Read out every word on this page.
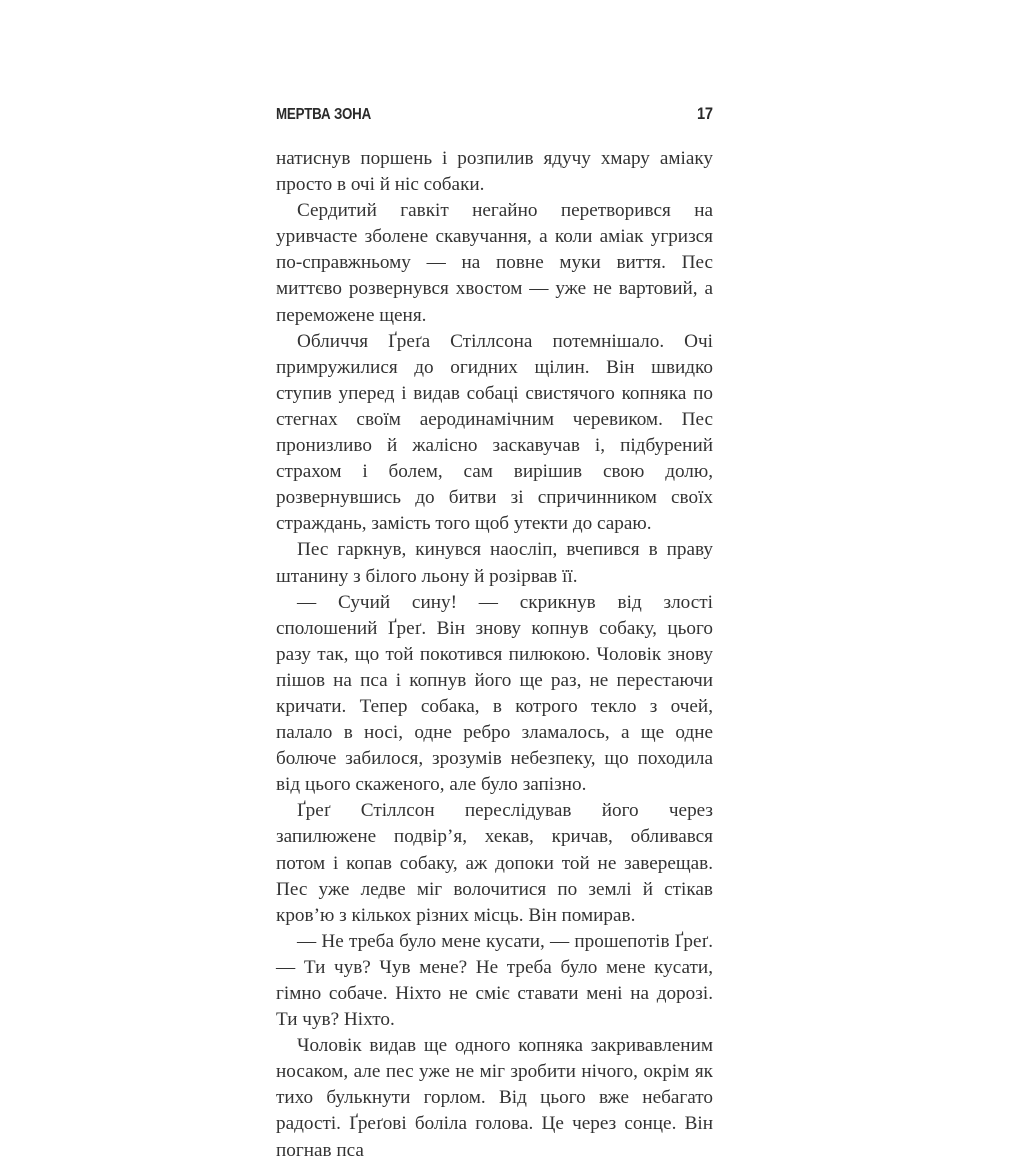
МЕРТВА ЗОНА	17

натиснув поршень і розпилив ядучу хмару аміаку просто в очі й ніс собаки.

Сердитий гавкіт негайно перетворився на уривчасте зболене скавучання, а коли аміак угризся по-справжньому — на повне муки виття. Пес миттєво розвернувся хвостом — уже не вартовий, а переможене щеня.

Обличчя Ґреґа Стіллсона потемнішало. Очі примружилися до огидних щілин. Він швидко ступив уперед і видав собаці свистячого копняка по стегнах своїм аеродинамічним черевиком. Пес пронизливо й жалісно заскавучав і, підбурений страхом і болем, сам вирішив свою долю, розвернувшись до битви зі спричинником своїх страждань, замість того щоб утекти до сараю.

Пес гаркнув, кинувся наосліп, вчепився в праву штанину з білого льону й розірвав її.

— Сучий сину! — скрикнув від злості сполошений Ґреґ. Він знову копнув собаку, цього разу так, що той покотився пилюкою. Чоловік знову пішов на пса і копнув його ще раз, не перестаючи кричати. Тепер собака, в котрого текло з очей, палало в носі, одне ребро зламалось, а ще одне болюче забилося, зрозумів небезпеку, що походила від цього скаженого, але було запізно.

Ґреґ Стіллсон переслідував його через запилюжене подвір’я, хекав, кричав, обливався потом і копав собаку, аж допоки той не заверещав. Пес уже ледве міг волочитися по землі й стікав кров’ю з кількох різних місць. Він помирав.

— Не треба було мене кусати, — прошепотів Ґреґ. — Ти чув? Чув мене? Не треба було мене кусати, гімно собаче. Ніхто не сміє ставати мені на дорозі. Ти чув? Ніхто.

Чоловік видав ще одного копняка закривавленим носаком, але пес уже не міг зробити нічого, окрім як тихо булькнути горлом. Від цього вже небагато радості. Ґреґові боліла голова. Це через сонце. Він погнав пса
